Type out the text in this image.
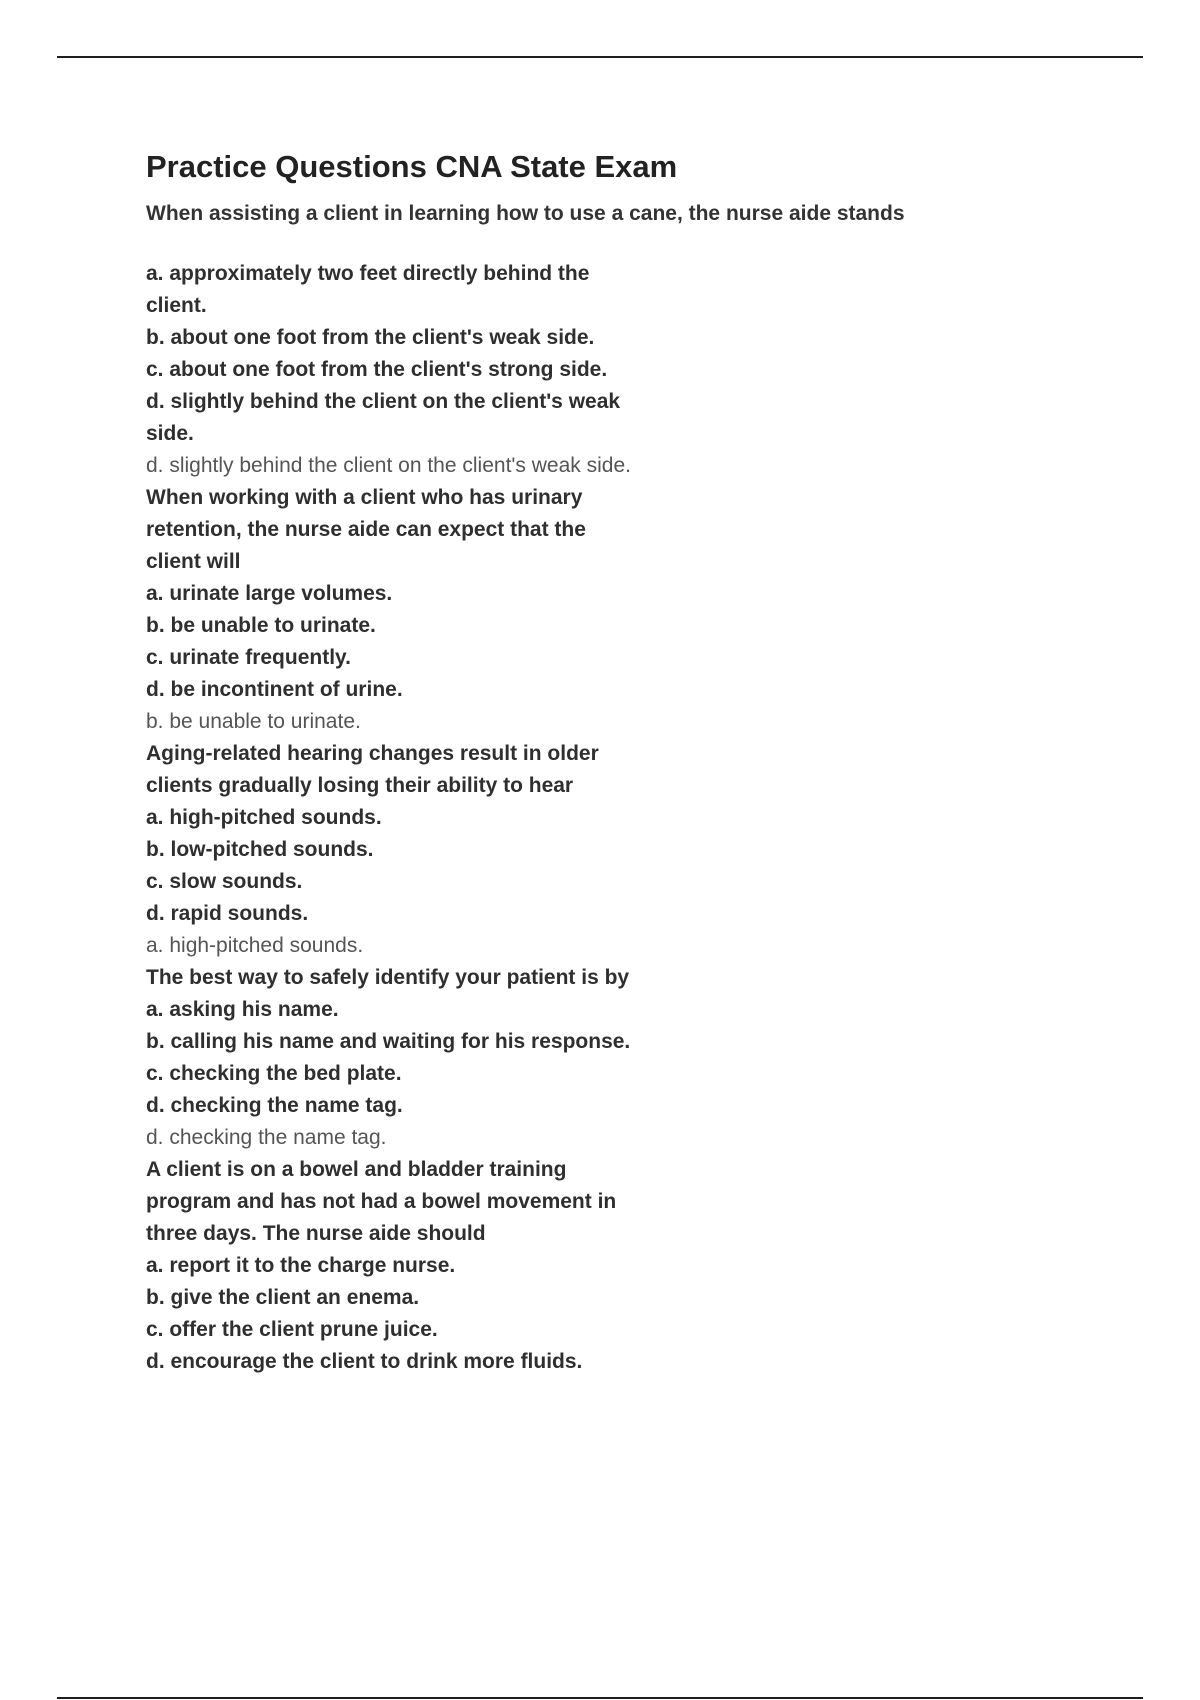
Practice Questions CNA State Exam
When assisting a client in learning how to use a cane, the nurse aide stands
a. approximately two feet directly behind the client.
b. about one foot from the client's weak side.
c. about one foot from the client's strong side.
d. slightly behind the client on the client's weak side.
d. slightly behind the client on the client's weak side.
When working with a client who has urinary retention, the nurse aide can expect that the client will
a. urinate large volumes.
b. be unable to urinate.
c. urinate frequently.
d. be incontinent of urine.
b. be unable to urinate.
Aging-related hearing changes result in older clients gradually losing their ability to hear
a. high-pitched sounds.
b. low-pitched sounds.
c. slow sounds.
d. rapid sounds.
a. high-pitched sounds.
The best way to safely identify your patient is by
a. asking his name.
b. calling his name and waiting for his response.
c. checking the bed plate.
d. checking the name tag.
d. checking the name tag.
A client is on a bowel and bladder training program and has not had a bowel movement in three days. The nurse aide should
a. report it to the charge nurse.
b. give the client an enema.
c. offer the client prune juice.
d. encourage the client to drink more fluids.
